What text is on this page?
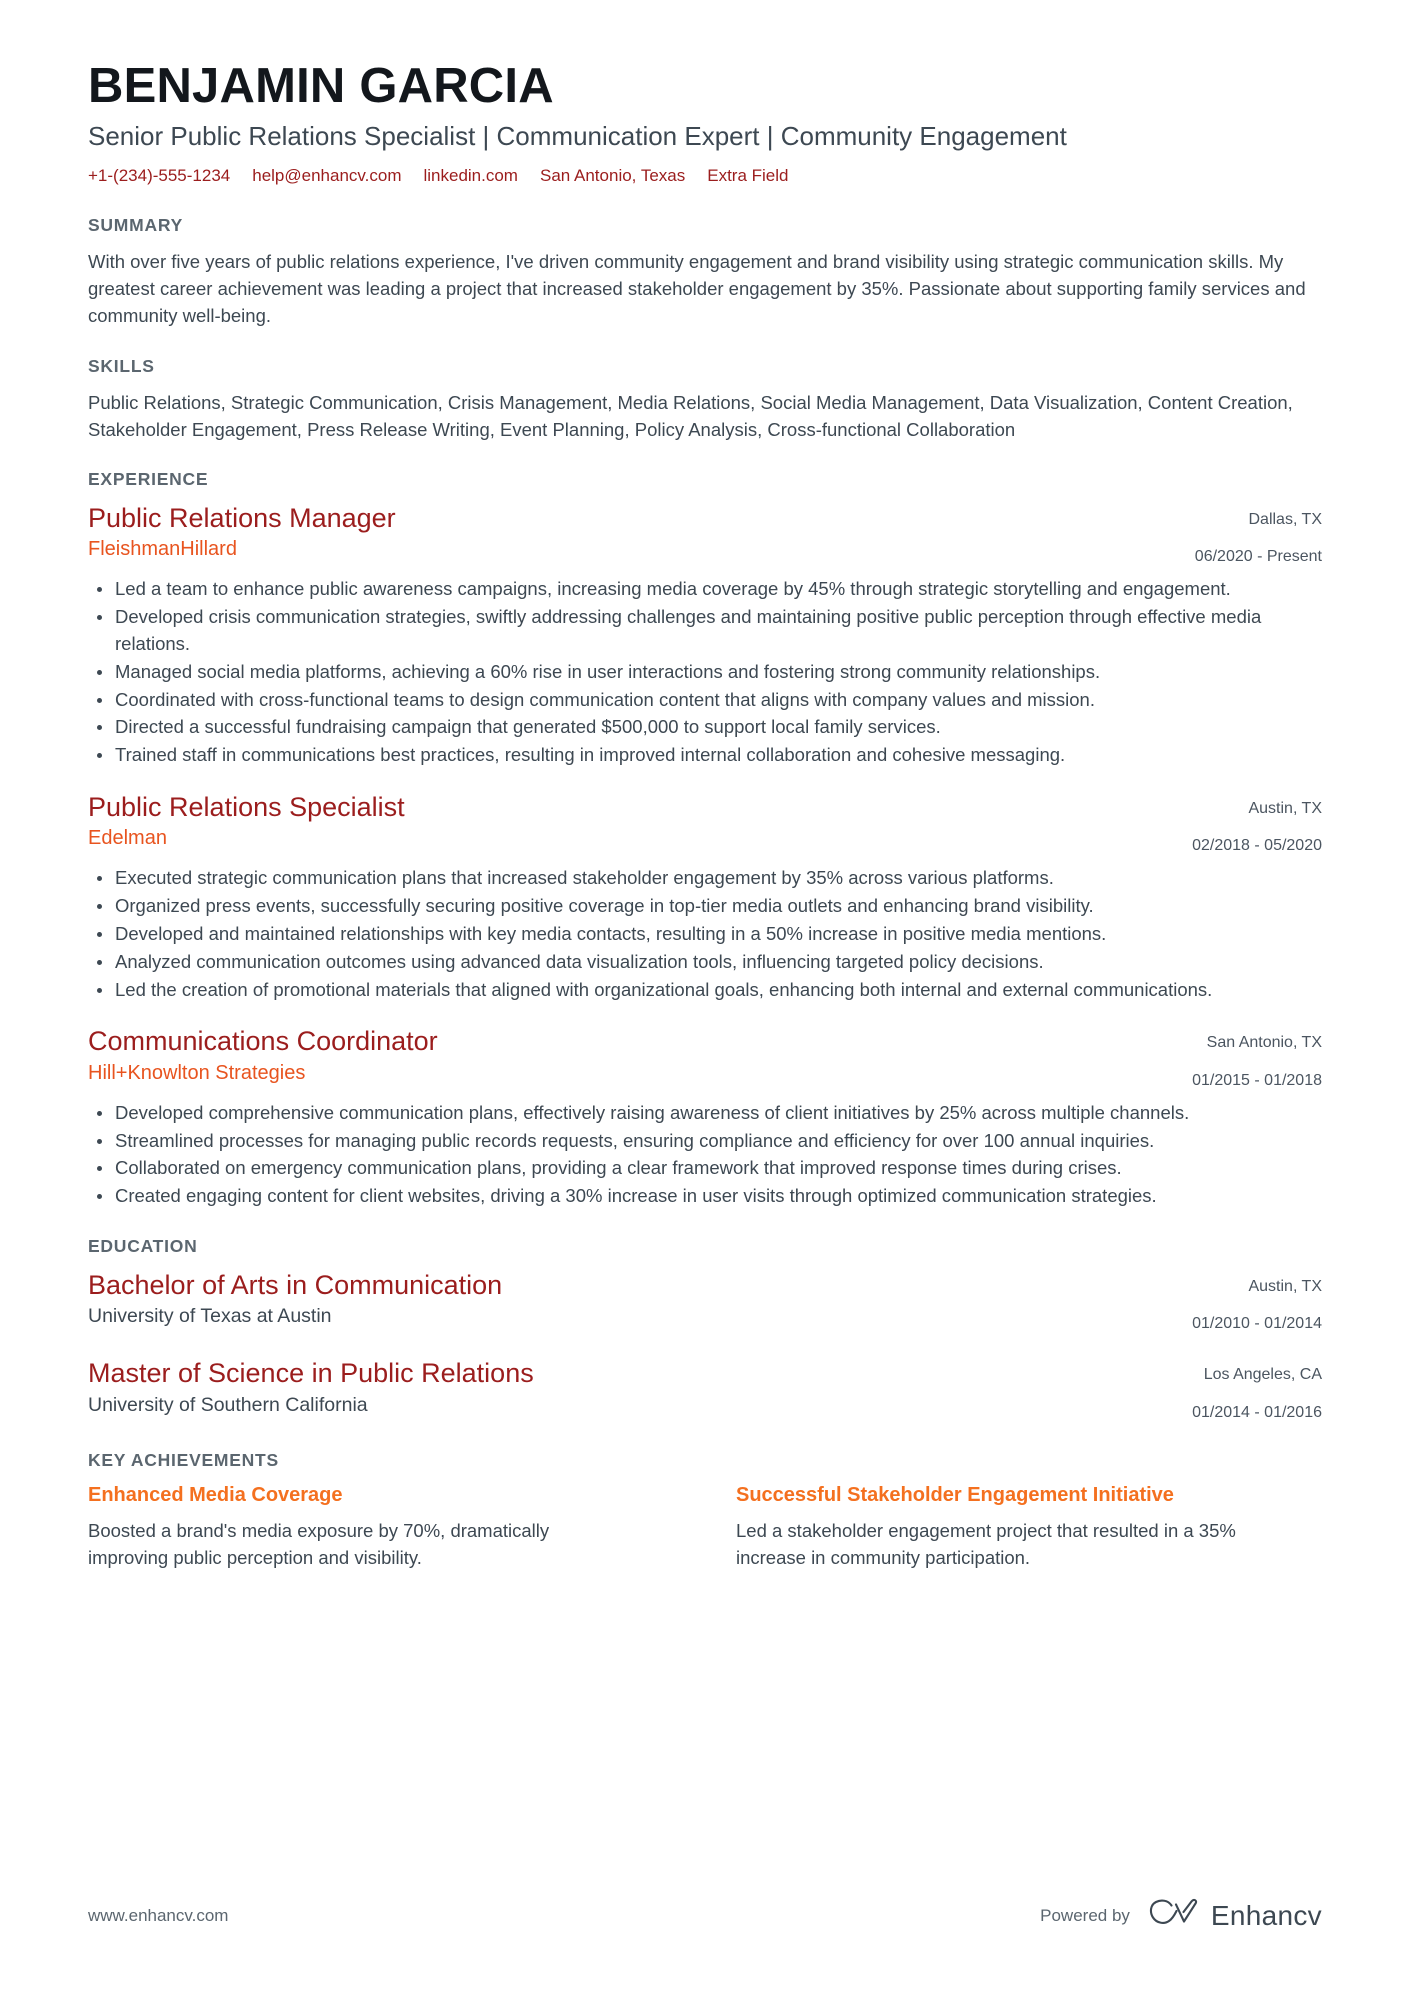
BENJAMIN GARCIA
Senior Public Relations Specialist | Communication Expert | Community Engagement
+1-(234)-555-1234 help@enhancv.com linkedin.com San Antonio, Texas Extra Field
SUMMARY

With over five years of public relations experience, I've driven community engagement and brand visibility using strategic communication skills. My greatest career achievement was leading a project that increased stakeholder engagement by 35%. Passionate about supporting family services and community well-being.

SKILLS

Public Relations, Strategic Communication, Crisis Management, Media Relations, Social Media Management, Data Visualization, Content Creation, Stakeholder Engagement, Press Release Writing, Event Planning, Policy Analysis, Cross-functional Collaboration

EXPERIENCE
Public Relations Manager
FleishmanHillard
Dallas, TX
06/2020 - Present
Led a team to enhance public awareness campaigns, increasing media coverage by 45% through strategic storytelling and engagement.
Developed crisis communication strategies, swiftly addressing challenges and maintaining positive public perception through effective media relations.
Managed social media platforms, achieving a 60% rise in user interactions and fostering strong community relationships.
Coordinated with cross-functional teams to design communication content that aligns with company values and mission.
Directed a successful fundraising campaign that generated $500,000 to support local family services.
Trained staff in communications best practices, resulting in improved internal collaboration and cohesive messaging.
Public Relations Specialist
Edelman
Austin, TX
02/2018 - 05/2020
Executed strategic communication plans that increased stakeholder engagement by 35% across various platforms.
Organized press events, successfully securing positive coverage in top-tier media outlets and enhancing brand visibility.
Developed and maintained relationships with key media contacts, resulting in a 50% increase in positive media mentions.
Analyzed communication outcomes using advanced data visualization tools, influencing targeted policy decisions.
Led the creation of promotional materials that aligned with organizational goals, enhancing both internal and external communications.
Communications Coordinator
Hill+Knowlton Strategies
San Antonio, TX
01/2015 - 01/2018
Developed comprehensive communication plans, effectively raising awareness of client initiatives by 25% across multiple channels.
Streamlined processes for managing public records requests, ensuring compliance and efficiency for over 100 annual inquiries.
Collaborated on emergency communication plans, providing a clear framework that improved response times during crises.
Created engaging content for client websites, driving a 30% increase in user visits through optimized communication strategies.
EDUCATION
Bachelor of Arts in Communication
University of Texas at Austin
Austin, TX
01/2010 - 01/2014
Master of Science in Public Relations
University of Southern California
Los Angeles, CA
01/2014 - 01/2016
KEY ACHIEVEMENTS
Enhanced Media Coverage

Boosted a brand's media exposure by 70%, dramatically improving public perception and visibility.

Successful Stakeholder Engagement Initiative

Led a stakeholder engagement project that resulted in a 35% increase in community participation.

www.enhancv.com	Powered by	Enhancv
